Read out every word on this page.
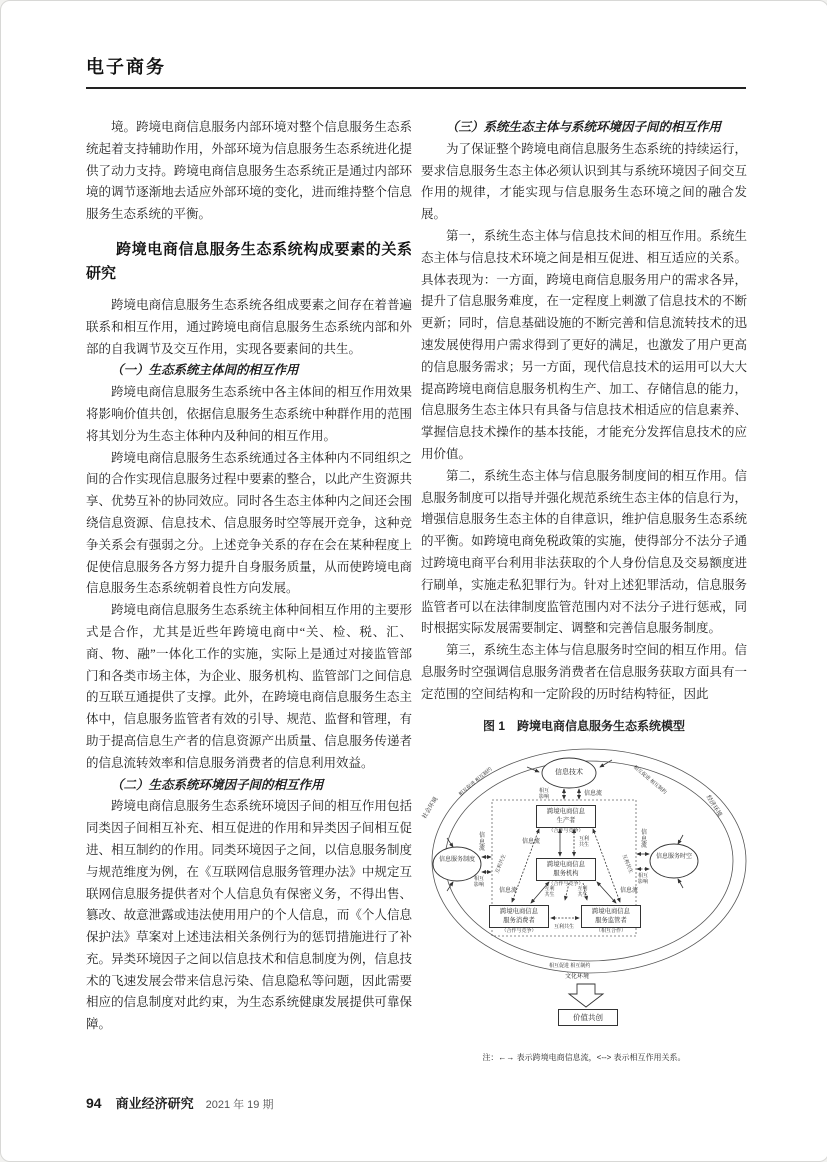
电子商务

境。跨境电商信息服务内部环境对整个信息服务生态系统起着支持辅助作用，外部环境为信息服务生态系统进化提供了动力支持。跨境电商信息服务生态系统正是通过内部环境的调节逐渐地去适应外部环境的变化，进而维持整个信息服务生态系统的平衡。

跨境电商信息服务生态系统构成要素的关系研究

跨境电商信息服务生态系统各组成要素之间存在着普遍联系和相互作用，通过跨境电商信息服务生态系统内部和外部的自我调节及交互作用，实现各要素间的共生。

（一）生态系统主体间的相互作用

跨境电商信息服务生态系统中各主体间的相互作用效果将影响价值共创，依据信息服务生态系统中种群作用的范围将其划分为生态主体种内及种间的相互作用。

跨境电商信息服务生态系统通过各主体种内不同组织之间的合作实现信息服务过程中要素的整合，以此产生资源共享、优势互补的协同效应。同时各生态主体种内之间还会围绕信息资源、信息技术、信息服务时空等展开竞争，这种竞争关系会有强弱之分。上述竞争关系的存在会在某种程度上促使信息服务各方努力提升自身服务质量，从而使跨境电商信息服务生态系统朝着良性方向发展。

跨境电商信息服务生态系统主体种间相互作用的主要形式是合作，尤其是近些年跨境电商中“关、检、税、汇、商、物、融”一体化工作的实施，实际上是通过对接监管部门和各类市场主体，为企业、服务机构、监管部门之间信息的互联互通提供了支撑。此外，在跨境电商信息服务生态主体中，信息服务监管者有效的引导、规范、监督和管理，有助于提高信息生产者的信息资源产出质量、信息服务传递者的信息流转效率和信息服务消费者的信息利用效益。

（二）生态系统环境因子间的相互作用

跨境电商信息服务生态系统环境因子间的相互作用包括同类因子间相互补充、相互促进的作用和异类因子间相互促进、相互制约的作用。同类环境因子之间，以信息服务制度与规范维度为例，在《互联网信息服务管理办法》中规定互联网信息服务提供者对个人信息负有保密义务，不得出售、篡改、故意泄露或违法使用用户的个人信息，而《个人信息保护法》草案对上述违法相关条例行为的惩罚措施进行了补充。异类环境因子之间以信息技术和信息制度为例，信息技术的飞速发展会带来信息污染、信息隐私等问题，因此需要相应的信息制度对此约束，为生态系统健康发展提供可靠保障。

（三）系统生态主体与系统环境因子间的相互作用

为了保证整个跨境电商信息服务生态系统的持续运行，要求信息服务生态主体必须认识到其与系统环境因子间交互作用的规律，才能实现与信息服务生态环境之间的融合发展。

第一，系统生态主体与信息技术间的相互作用。系统生态主体与信息技术环境之间是相互促进、相互适应的关系。具体表现为：一方面，跨境电商信息服务用户的需求各异，提升了信息服务难度，在一定程度上刺激了信息技术的不断更新；同时，信息基础设施的不断完善和信息流转技术的迅速发展使得用户需求得到了更好的满足，也激发了用户更高的信息服务需求；另一方面，现代信息技术的运用可以大大提高跨境电商信息服务机构生产、加工、存储信息的能力，信息服务生态主体只有具备与信息技术相适应的信息素养、掌握信息技术操作的基本技能，才能充分发挥信息技术的应用价值。

第二，系统生态主体与信息服务制度间的相互作用。信息服务制度可以指导并强化规范系统生态主体的信息行为，增强信息服务生态主体的自律意识，维护信息服务生态系统的平衡。如跨境电商免税政策的实施，使得部分不法分子通过跨境电商平台利用非法获取的个人身份信息及交易额度进行刷单，实施走私犯罪行为。针对上述犯罪活动，信息服务监管者可以在法律制度监管范围内对不法分子进行惩戒，同时根据实际发展需要制定、调整和完善信息服务制度。

第三，系统生态主体与信息服务时空间的相互作用。信息服务时空强调信息服务消费者在信息服务获取方面具有一定范围的空间结构和一定阶段的历时结构特征，因此

图 1　跨境电商信息服务生态系统模型

社会环境	经济环境
文化环境
相互促进 相互制约	相互促进 相互制约
相互促进 相互制约
信息技术
信息服务制度	信息服务时空
相互影响	信息流
信息流
相互影响
信息流
相互影响
跨境电商信息
生产者
（合作与竞争）
跨境电商信息
服务机构
（合作与竞争）
跨境电商信息
服务消费者
（合作与竞争）
跨境电商信息
服务监管者
（相互合作）
信息流	互利共生
互利共生	互利共生
信息流	信息流
互利共生
互利共生
互利共生
价值共创

注：←→ 表示跨境电商信息流，<--> 表示相互作用关系。

94 商业经济研究 2021 年 19 期
